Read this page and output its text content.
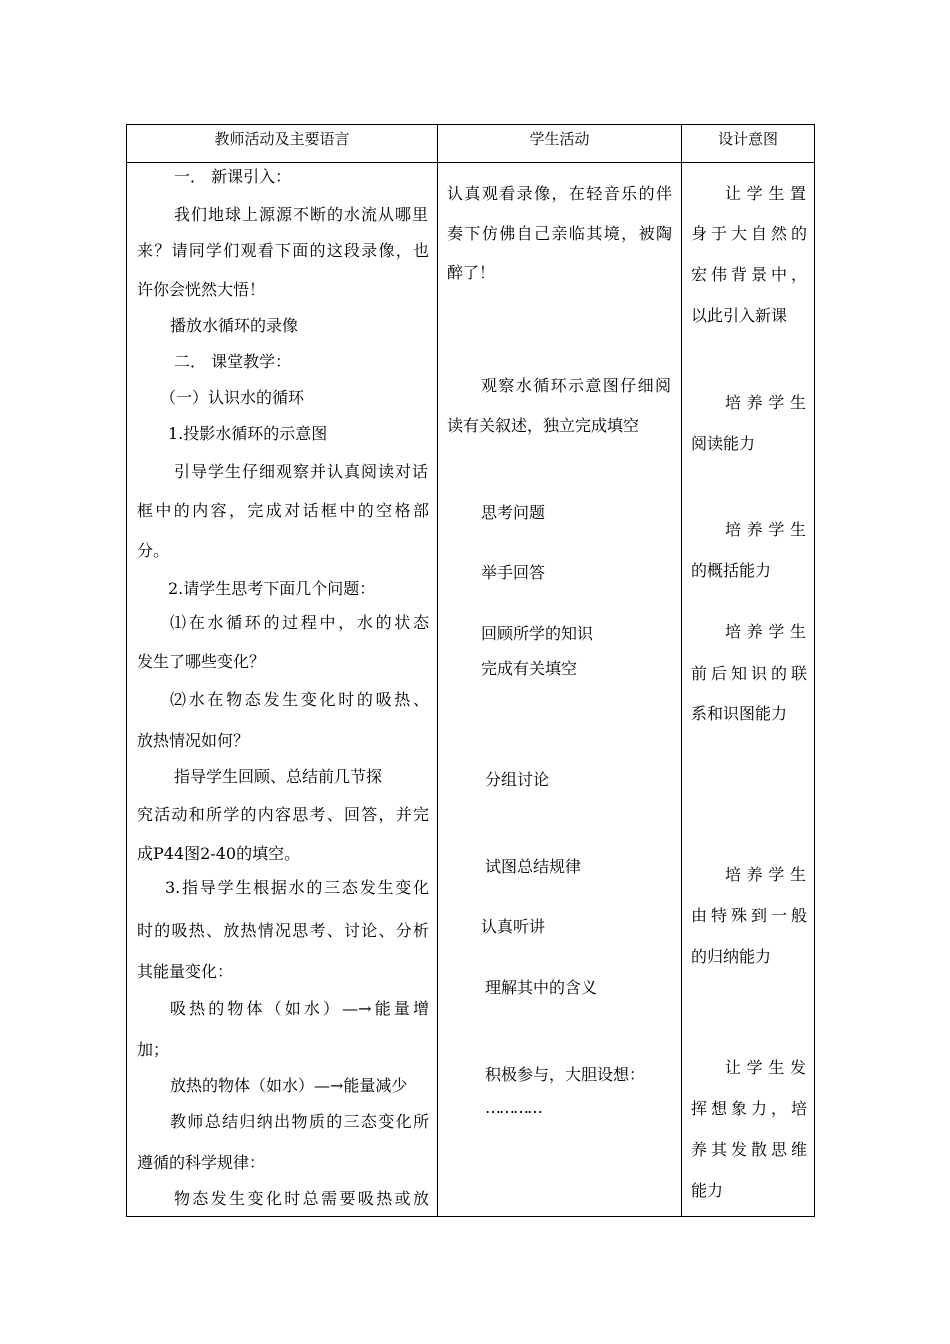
教师活动及主要语言	学生活动	设计意图
一． 新课引入：
我们地球上源源不断的水流从哪里
来？请同学们观看下面的这段录像，也
许你会恍然大悟！
播放水循环的录像
二． 课堂教学：
（一）认识水的循环
1.投影水循环的示意图
引导学生仔细观察并认真阅读对话
框中的内容，完成对话框中的空格部
分。
2.请学生思考下面几个问题：
⑴在水循环的过程中，水的状态
发生了哪些变化？
⑵水在物态发生变化时的吸热、
放热情况如何？
指导学生回顾、总结前几节探
究活动和所学的内容思考、回答，并完
成P44图2-40的填空。
3.指导学生根据水的三态发生变化
时的吸热、放热情况思考、讨论、分析
其能量变化：
吸热的物体（如水）—→能量增
加；
放热的物体（如水）—→能量减少
教师总结归纳出物质的三态变化所
遵循的科学规律：
物态发生变化时总需要吸热或放
认真观看录像，在轻音乐的伴
奏下仿佛自己亲临其境，被陶
醉了！
观察水循环示意图仔细阅
读有关叙述，独立完成填空
思考问题
举手回答
回顾所学的知识
完成有关填空
分组讨论
试图总结规律
认真听讲
理解其中的含义
积极参与，大胆设想：
…………
让学生置
身于大自然的
宏伟背景中，
以此引入新课
培养学生
阅读能力
培养学生
的概括能力
培养学生
前后知识的联
系和识图能力
培养学生
由特殊到一般
的归纳能力
让学生发
挥想象力，培
养其发散思维
能力
